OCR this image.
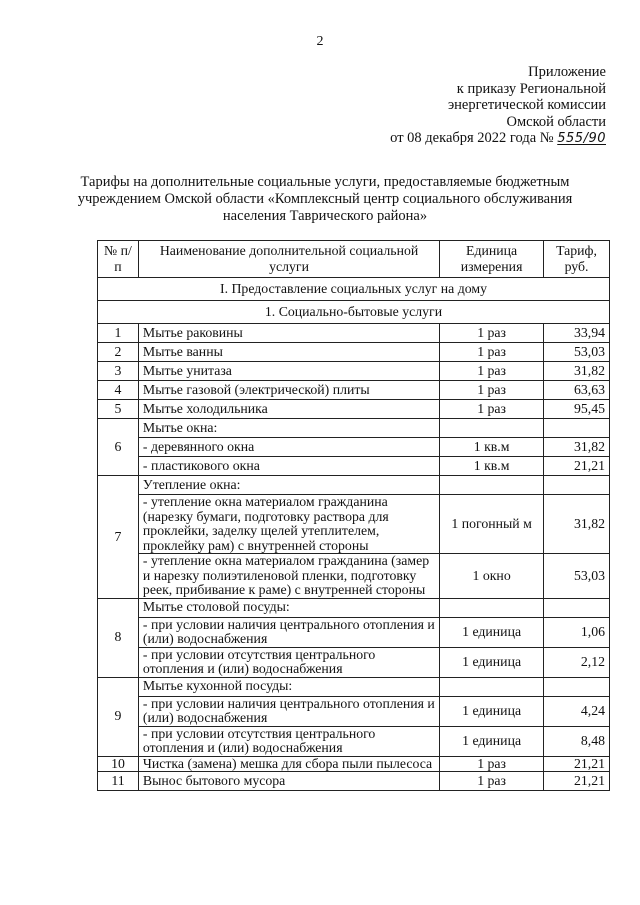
2
Приложение
к приказу Региональной
энергетической комиссии
Омской области
от 08 декабря 2022 года № 555/90
Тарифы на дополнительные социальные услуги, предоставляемые бюджетным учреждением Омской области «Комплексный центр социального обслуживания населения Таврического района»
№ п/п	Наименование дополнительной социальной услуги	Единица измерения	Тариф, руб.
I. Предоставление социальных услуг на дому			
1. Социально-бытовые услуги			
1	Мытье раковины	1 раз	33,94
2	Мытье ванны	1 раз	53,03
3	Мытье унитаза	1 раз	31,82
4	Мытье газовой (электрической) плиты	1 раз	63,63
5	Мытье холодильника	1 раз	95,45
6	Мытье окна:		
	- деревянного окна	1 кв.м	31,82
	- пластикового окна	1 кв.м	21,21
7	Утепление окна:		
	- утепление окна материалом гражданина (нарезку бумаги, подготовку раствора для проклейки, заделку щелей утеплителем, проклейку рам) с внутренней стороны	1 погонный м	31,82
	- утепление окна материалом гражданина (замер и нарезку полиэтиленовой пленки, подготовку реек, прибивание к раме) с внутренней стороны	1 окно	53,03
8	Мытье столовой посуды:		
	- при условии наличия центрального отопления и (или) водоснабжения	1 единица	1,06
	- при условии отсутствия центрального отопления и (или) водоснабжения	1 единица	2,12
9	Мытье кухонной посуды:		
	- при условии наличия центрального отопления и (или) водоснабжения	1 единица	4,24
	- при условии отсутствия центрального отопления и (или) водоснабжения	1 единица	8,48
10	Чистка (замена) мешка для сбора пыли пылесоса	1 раз	21,21
11	Вынос бытового мусора	1 раз	21,21
